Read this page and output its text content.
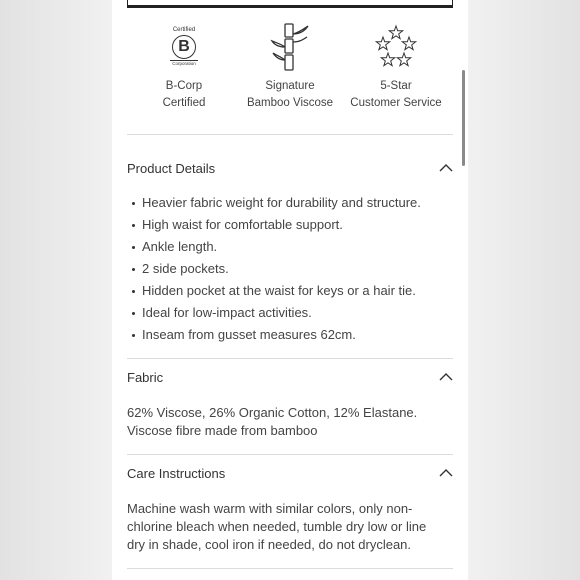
Certified
B
Corporation
B-Corp
Certified
Signature
Bamboo Viscose
5-Star
Customer Service
Product Details
Heavier fabric weight for durability and structure.
High waist for comfortable support.
Ankle length.
2 side pockets.
Hidden pocket at the waist for keys or a hair tie.
Ideal for low-impact activities.
Inseam from gusset measures 62cm.
Fabric
62% Viscose, 26% Organic Cotton, 12% Elastane.
Viscose fibre made from bamboo
Care Instructions
Machine wash warm with similar colors, only non-
chlorine bleach when needed, tumble dry low or line
dry in shade, cool iron if needed, do not dryclean.
